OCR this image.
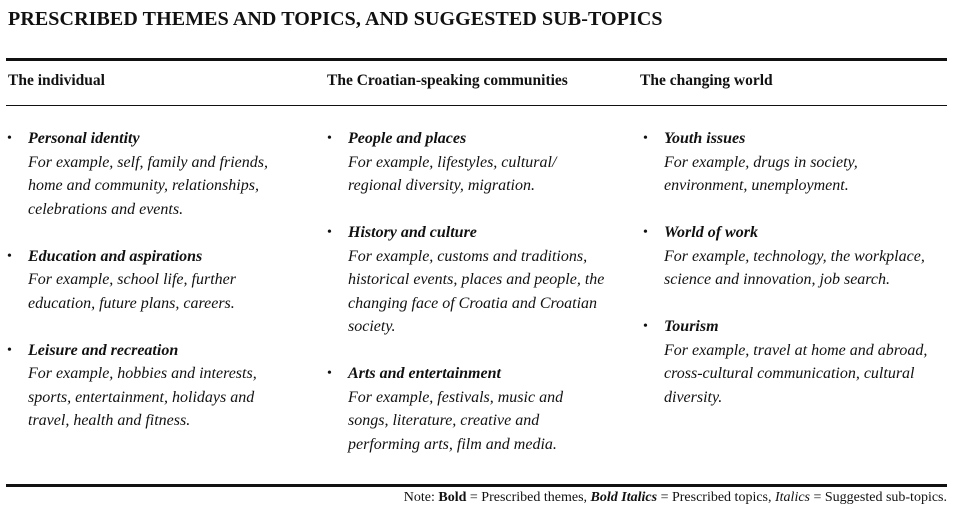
PRESCRIBED THEMES AND TOPICS, AND SUGGESTED SUB-TOPICS
The individual	The Croatian-speaking communities	The changing world
• Personal identity
For example, self, family and friends,
home and community, relationships,
celebrations and events.
• Education and aspirations
For example, school life, further
education, future plans, careers.
• Leisure and recreation
For example, hobbies and interests,
sports, entertainment, holidays and
travel, health and fitness.
• People and places
For example, lifestyles, cultural/
regional diversity, migration.
• History and culture
For example, customs and traditions,
historical events, places and people, the
changing face of Croatia and Croatian
society.
• Arts and entertainment
For example, festivals, music and
songs, literature, creative and
performing arts, film and media.
• Youth issues
For example, drugs in society,
environment, unemployment.
• World of work
For example, technology, the workplace,
science and innovation, job search.
• Tourism
For example, travel at home and abroad,
cross-cultural communication, cultural
diversity.
Note: Bold = Prescribed themes, Bold Italics = Prescribed topics, Italics = Suggested sub-topics.
